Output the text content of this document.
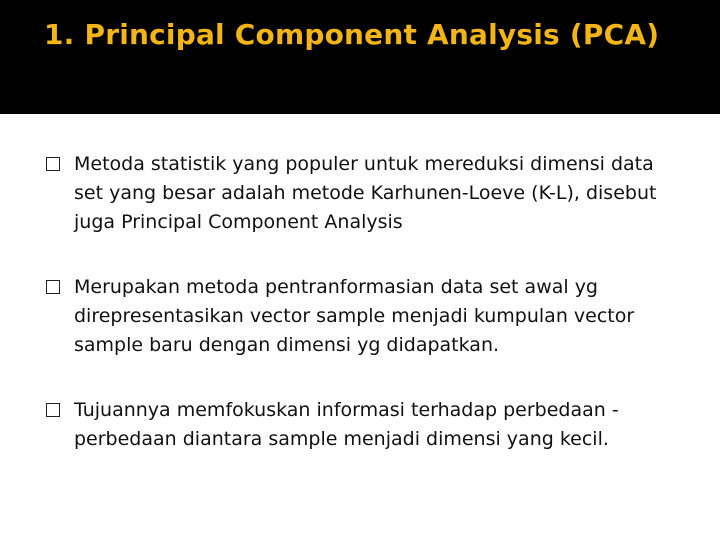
1. Principal Component Analysis (PCA)
Metoda statistik yang populer untuk mereduksi dimensi data set yang besar adalah metode Karhunen-Loeve (K-L), disebut juga Principal Component Analysis
Merupakan metoda pentranformasian data set awal yg direpresentasikan vector sample menjadi kumpulan vector sample baru dengan dimensi yg didapatkan.
Tujuannya memfokuskan informasi terhadap perbedaan -perbedaan diantara sample menjadi dimensi yang kecil.
